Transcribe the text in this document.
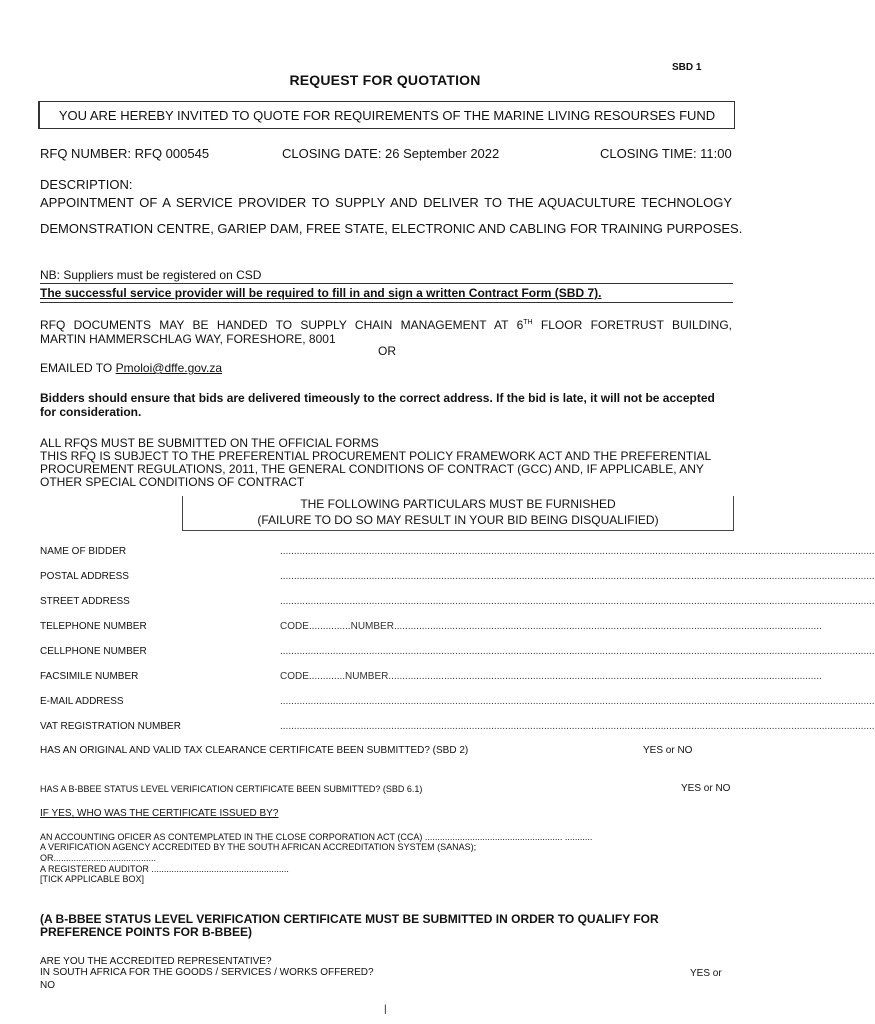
SBD 1
REQUEST FOR QUOTATION
YOU ARE HEREBY INVITED TO QUOTE FOR REQUIREMENTS OF THE MARINE LIVING RESOURSES FUND
RFQ NUMBER: RFQ 000545	CLOSING DATE: 26 September 2022	CLOSING TIME: 11:00
DESCRIPTION:
APPOINTMENT OF A SERVICE PROVIDER TO SUPPLY AND DELIVER TO THE AQUACULTURE TECHNOLOGY
DEMONSTRATION CENTRE, GARIEP DAM, FREE STATE, ELECTRONIC AND CABLING FOR TRAINING PURPOSES.
NB: Suppliers must be registered on CSD
The successful service provider will be required to fill in and sign a written Contract Form (SBD 7).
RFQ DOCUMENTS MAY BE HANDED TO SUPPLY CHAIN MANAGEMENT AT 6TH FLOOR FORETRUST BUILDING,
MARTIN HAMMERSCHLAG WAY, FORESHORE, 8001
OR
EMAILED TO Pmoloi@dffe.gov.za
Bidders should ensure that bids are delivered timeously to the correct address. If the bid is late, it will not be accepted for consideration.
ALL RFQS MUST BE SUBMITTED ON THE OFFICIAL FORMS
THIS RFQ IS SUBJECT TO THE PREFERENTIAL PROCUREMENT POLICY FRAMEWORK ACT AND THE PREFERENTIAL
PROCUREMENT REGULATIONS, 2011, THE GENERAL CONDITIONS OF CONTRACT (GCC) AND, IF APPLICABLE, ANY
OTHER SPECIAL CONDITIONS OF CONTRACT
THE FOLLOWING PARTICULARS MUST BE FURNISHED
(FAILURE TO DO SO MAY RESULT IN YOUR BID BEING DISQUALIFIED)
NAME OF BIDDER	......................................................................................................................................................................................................................
POSTAL ADDRESS	......................................................................................................................................................................................................................
STREET ADDRESS	......................................................................................................................................................................................................................
TELEPHONE NUMBER	CODE...............NUMBER..........................................................................................................................................................
CELLPHONE NUMBER	......................................................................................................................................................................................................................
FACSIMILE NUMBER	CODE.............NUMBER............................................................................................................................................................
E-MAIL ADDRESS	......................................................................................................................................................................................................................
VAT REGISTRATION NUMBER	......................................................................................................................................................................................................................
HAS AN ORIGINAL AND VALID TAX CLEARANCE CERTIFICATE BEEN SUBMITTED? (SBD 2)	YES or NO
HAS A B-BBEE STATUS LEVEL VERIFICATION CERTIFICATE BEEN SUBMITTED? (SBD 6.1)	YES or NO
IF YES, WHO WAS THE CERTIFICATE ISSUED BY?
AN ACCOUNTING OFICER AS CONTEMPLATED IN THE CLOSE CORPORATION ACT (CCA) ....................................................... ...........
A VERIFICATION AGENCY ACCREDITED BY THE SOUTH AFRICAN ACCREDITATION SYSTEM (SANAS);
OR.........................................
A REGISTERED AUDITOR .......................................................
[TICK APPLICABLE BOX]
(A B-BBEE STATUS LEVEL VERIFICATION CERTIFICATE MUST BE SUBMITTED IN ORDER TO QUALIFY FOR PREFERENCE POINTS FOR B-BBEE)
ARE YOU THE ACCREDITED REPRESENTATIVE?
IN SOUTH AFRICA FOR THE GOODS / SERVICES / WORKS OFFERED?	YES or
NO
|
